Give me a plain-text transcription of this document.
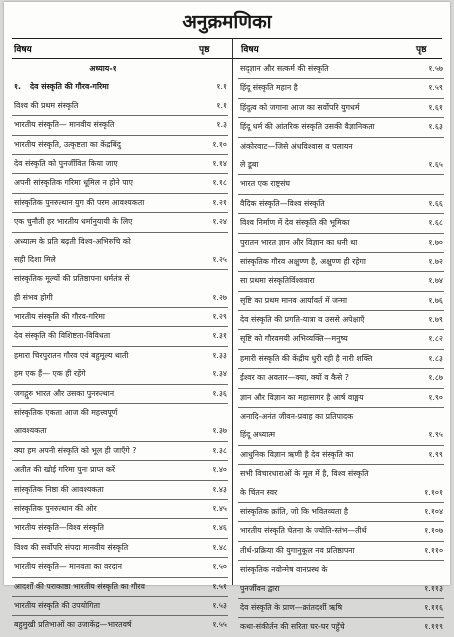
अनुक्रमणिका
विषय	पृष्ठ	विषय	पृष्ठ
अध्याय-१
१. देव संस्कृति की गौरव-गरिमा	१.१
विश्व की प्रथम संस्कृति	१.१
भारतीय संस्कृति— मानवीय संस्कृति	१.३
भारतीय संस्कृति, उत्कृष्टता का केंद्रबिंदु	१.१०
देव संस्कृति को पुनर्जीवित किया जाए	१.१४
अपनी सांस्कृतिक गरिमा धूमिल न होने पाए	१.१८
सांस्कृतिक पुनरुत्थान युग की परम आवश्यकता	१.२१
एक चुनौती हर भारतीय धर्मानुयायी के लिए	१.२४
अध्यात्म के प्रति बढ़ती विश्व-अभिरुचि को
सही दिशा मिले	१.२५
सांस्कृतिक मूल्यों की प्रतिष्ठापना धर्मतंत्र से
ही संभव होगी	१.२७
भारतीय संस्कृति की गौरव-गरिमा	१.२९
देव संस्कृति की विशिष्टता-विविधता	१.३१
हमारा चिरपुरातन गौरव एवं बहुमूल्य थाती	१.३३
हम एक हैं— एक ही रहेंगे	१.३४
जगद्गुरु भारत और उसका पुनरुत्थान	१.३६
सांस्कृतिक एकता आज की महत्त्वपूर्ण
आवश्यकता	१.३७
क्या हम अपनी संस्कृति को भूल ही जाएँगे ?	१.३८
अतीत की खोई गरिमा पुनः प्राप्त करें	१.४०
सांस्कृतिक निष्ठा की आवश्यकता	१.४३
सांस्कृतिक पुनरुत्थान की ओर	१.४५
भारतीय संस्कृति—विश्व संस्कृति	१.४६
विश्व की सर्वोपरि संपदा मानवीय संस्कृति	१.४८
भारतीय संस्कृति— मानवता का वरदान	१.५०
आदर्शों की पराकाष्ठा भारतीय संस्कृति का गौरव	१.५१
भारतीय संस्कृति की उपयोगिता	१.५३
बहुमुखी प्रतिभाओं का उजाकेंद्र—भारतवर्ष	१.५५
सद्ज्ञान और सत्कर्म की संस्कृति	१.५७
हिंदू संस्कृति महान है	१.५९
हिंदुत्व को जगाना आज का सर्वोपरि युगधर्म	१.६१
हिंदू धर्म की आंतरिक संस्कृति उसकी वैज्ञानिकता	१.६३
अंकोरवाट—जिसे अंधविश्वास व पलायन
ले डूबा	१.६५
भारत एक राष्ट्रसंघ
वैदिक संस्कृति—विश्व संस्कृति	१.६६
विश्व निर्माण में देव संस्कृति की भूमिका	१.६८
पुरातन भारत ज्ञान और विज्ञान का धनी था	१.७०
सांस्कृतिक गौरव अक्षुण्ण है, अक्षुण्ण ही रहेगा	१.७२
सा प्रथमा संस्कृतिर्विश्ववारा	१.७४
सृष्टि का प्रथम मानव आर्यावर्त में जन्मा	१.७६
देव संस्कृति की प्रगति-यात्रा व उससे अपेक्षाएँ	१.७९
सृष्टि को गौरवमयी अभिव्यक्ति—मनुष्य	१.८२
हमारी संस्कृति की केंद्रीय धुरी रही है नारी शक्ति	१.८३
ईश्वर का अवतार—क्या, क्यों व कैसे ?	१.८७
ज्ञान और विज्ञान का महासागर है आर्ष वाङ्मय	१.९०
अनादि-अनंत जीवन-प्रवाह का प्रतिपादक
हिंदू अध्यात्म	१.९५
आधुनिक विज्ञान ऋणी है देव संस्कृति का	१.९९
सभी विचारधाराओं के मूल में है, विश्व संस्कृति
के चिंतन स्वर	१.१०१
सांस्कृतिक क्रांति, जो कि भवितव्यता है	१.१०४
भारतीय संस्कृति चेतना के ज्योति-स्तंभ—तीर्थ	१.१०७
तीर्थ-प्रक्रिया की युगानुकूल नव प्रतिष्ठापना	१.११०
सांस्कृतिक नवोन्मेष वानप्रस्थ के
पुनर्जीवन द्वारा	१.११३
देव संस्कृति के प्राण—क्रांतदर्शी ऋषि	१.११६
कथा-संकीर्तन की सरिता घर-घर पहुँचे	१.११९
